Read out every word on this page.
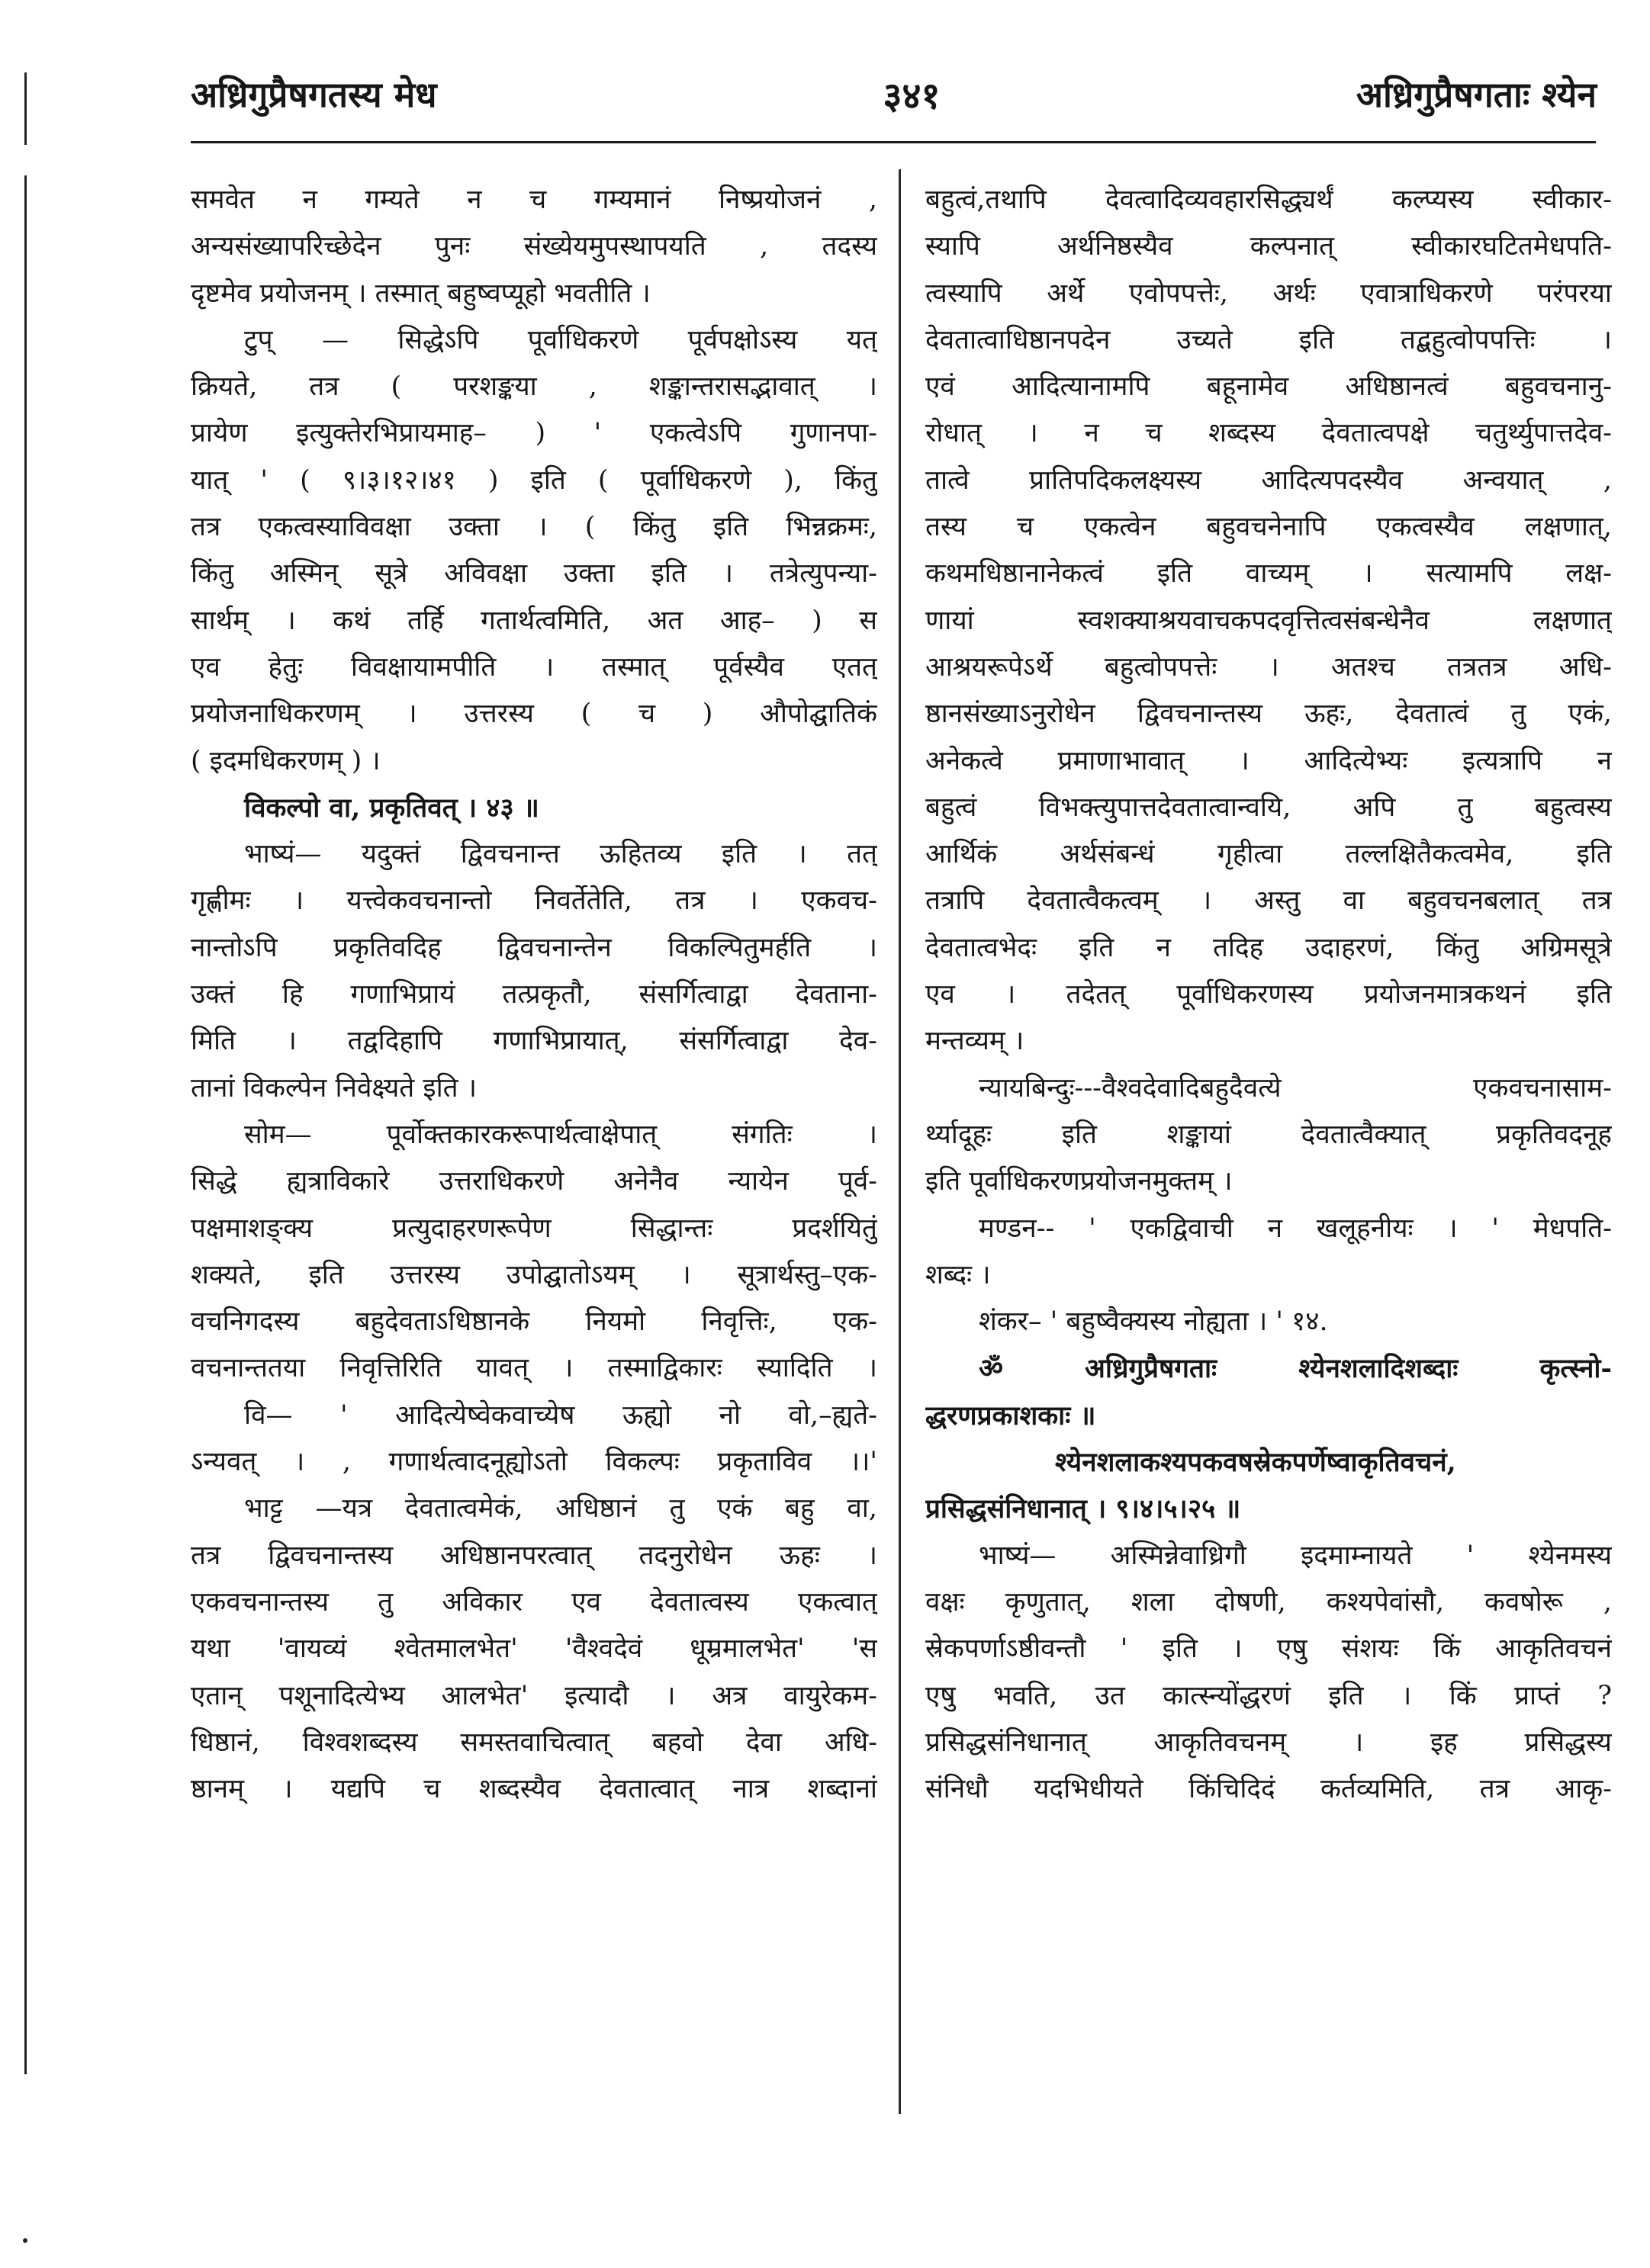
अध्रिगुप्रैषगतस्य मेध	३४१	अध्रिगुप्रैषगताः श्येन
समवेत न गम्यते न च गम्यमानं निष्प्रयोजनं ,
अन्यसंख्यापरिच्छेदेन पुनः संख्येयमुपस्थापयति , तदस्य
दृष्टमेव प्रयोजनम् । तस्मात् बहुष्वप्यूहो भवतीति ।
टुप् — सिद्धेऽपि पूर्वाधिकरणे पूर्वपक्षोऽस्य यत्
क्रियते, तत्र ( परशङ्कया , शङ्कान्तरासद्भावात् ।
प्रायेण इत्युक्तेरभिप्रायमाह– ) ' एकत्वेऽपि गुणानपा-
यात् ' ( ९।३।१२।४१ ) इति ( पूर्वाधिकरणे ), किंतु
तत्र एकत्वस्याविवक्षा उक्ता । ( किंतु इति भिन्नक्रमः,
किंतु अस्मिन् सूत्रे अविवक्षा उक्ता इति । तत्रेत्युपन्या-
सार्थम् । कथं तर्हि गतार्थत्वमिति, अत आह– ) स
एव हेतुः विवक्षायामपीति । तस्मात् पूर्वस्यैव एतत्
प्रयोजनाधिकरणम् । उत्तरस्य ( च ) औपोद्घातिकं
( इदमधिकरणम् ) ।
विकल्पो वा, प्रकृतिवत् । ४३ ॥
भाष्यं— यदुक्तं द्विवचनान्त ऊहितव्य इति । तत्
गृह्णीमः । यत्त्वेकवचनान्तो निवर्तेतेति, तत्र । एकवच-
नान्तोऽपि प्रकृतिवदिह द्विवचनान्तेन विकल्पितुमर्हति ।
उक्तं हि गणाभिप्रायं तत्प्रकृतौ, संसर्गित्वाद्वा देवताना-
मिति । तद्वदिहापि गणाभिप्रायात्, संसर्गित्वाद्वा देव-
तानां विकल्पेन निवेक्ष्यते इति ।
सोम— पूर्वोक्तकारकरूपार्थत्वाक्षेपात् संगतिः ।
सिद्धे ह्यत्राविकारे उत्तराधिकरणे अनेनैव न्यायेन पूर्व-
पक्षमाशङ्क्य प्रत्युदाहरणरूपेण सिद्धान्तः प्रदर्शयितुं
शक्यते, इति उत्तरस्य उपोद्घातोऽयम् । सूत्रार्थस्तु–एक-
वचनिगदस्य बहुदेवताऽधिष्ठानके नियमो निवृत्तिः, एक-
वचनान्ततया निवृत्तिरिति यावत् । तस्माद्विकारः स्यादिति ।
वि— ' आदित्येष्वेकवाच्येष ऊह्यो नो वो,–ह्यते-
ऽन्यवत् । , गणार्थत्वादनूह्योऽतो विकल्पः प्रकृताविव ।।'
भाट्ट —यत्र देवतात्वमेकं, अधिष्ठानं तु एकं बहु वा,
तत्र द्विवचनान्तस्य अधिष्ठानपरत्वात् तदनुरोधेन ऊहः ।
एकवचनान्तस्य तु अविकार एव देवतात्वस्य एकत्वात्
यथा 'वायव्यं श्वेतमालभेत' 'वैश्वदेवं धूम्रमालभेत' 'स
एतान् पशूनादित्येभ्य आलभेत' इत्यादौ । अत्र वायुरेकम-
धिष्ठानं, विश्वशब्दस्य समस्तवाचित्वात् बहवो देवा अधि-
ष्ठानम् । यद्यपि च शब्दस्यैव देवतात्वात् नात्र शब्दानां
बहुत्वं,तथापि देवत्वादिव्यवहारसिद्ध्यर्थं कल्प्यस्य स्वीकार-
स्यापि अर्थनिष्ठस्यैव कल्पनात् स्वीकारघटितमेधपति-
त्वस्यापि अर्थे एवोपपत्तेः, अर्थः एवात्राधिकरणे परंपरया
देवतात्वाधिष्ठानपदेन उच्यते इति तद्बहुत्वोपपत्तिः ।
एवं आदित्यानामपि बहूनामेव अधिष्ठानत्वं बहुवचनानु-
रोधात् । न च शब्दस्य देवतात्वपक्षे चतुर्थ्युपात्तदेव-
तात्वे प्रातिपदिकलक्ष्यस्य आदित्यपदस्यैव अन्वयात् ,
तस्य च एकत्वेन बहुवचनेनापि एकत्वस्यैव लक्षणात्,
कथमधिष्ठानानेकत्वं इति वाच्यम् । सत्यामपि लक्ष-
णायां स्वशक्याश्रयवाचकपदवृत्तित्वसंबन्धेनैव लक्षणात्
आश्रयरूपेऽर्थे बहुत्वोपपत्तेः । अतश्च तत्रतत्र अधि-
ष्ठानसंख्याऽनुरोधेन द्विवचनान्तस्य ऊहः, देवतात्वं तु एकं,
अनेकत्वे प्रमाणाभावात् । आदित्येभ्यः इत्यत्रापि न
बहुत्वं विभक्त्युपात्तदेवतात्वान्वयि, अपि तु बहुत्वस्य
आर्थिकं अर्थसंबन्धं गृहीत्वा तल्लक्षितैकत्वमेव, इति
तत्रापि देवतात्वैकत्वम् । अस्तु वा बहुवचनबलात् तत्र
देवतात्वभेदः इति न तदिह उदाहरणं, किंतु अग्रिमसूत्रे
एव । तदेतत् पूर्वाधिकरणस्य प्रयोजनमात्रकथनं इति
मन्तव्यम् ।
न्यायबिन्दुः---वैश्वदेवादिबहुदैवत्ये एकवचनासाम-
र्थ्यादूहः इति शङ्कायां देवतात्वैक्यात् प्रकृतिवदनूह
इति पूर्वाधिकरणप्रयोजनमुक्तम् ।
मण्डन-- ' एकद्विवाची न खलूहनीयः । ' मेधपति-
शब्दः ।
शंकर– ' बहुष्वैक्यस्य नोह्यता । ' १४.
ॐ अध्रिगुप्रैषगताः श्येनशलादिशब्दाः कृत्स्नो-
द्धरणप्रकाशकाः ॥
श्येनशलाकश्यपकवषस्रेकपर्णेष्वाकृतिवचनं,
प्रसिद्धसंनिधानात् । ९।४।५।२५ ॥
भाष्यं— अस्मिन्नेवाध्रिगौ इदमाम्नायते ' श्येनमस्य
वक्षः कृणुतात्, शला दोषणी, कश्यपेवांसौ, कवषोरू ,
स्रेकपर्णाऽष्ठीवन्तौ ' इति । एषु संशयः किं आकृतिवचनं
एषु भवति, उत कात्स्न्योंद्धरणं इति । किं प्राप्तं ?
प्रसिद्धसंनिधानात् आकृतिवचनम् । इह प्रसिद्धस्य
संनिधौ यदभिधीयते किंचिदिदं कर्तव्यमिति, तत्र आकृ-
